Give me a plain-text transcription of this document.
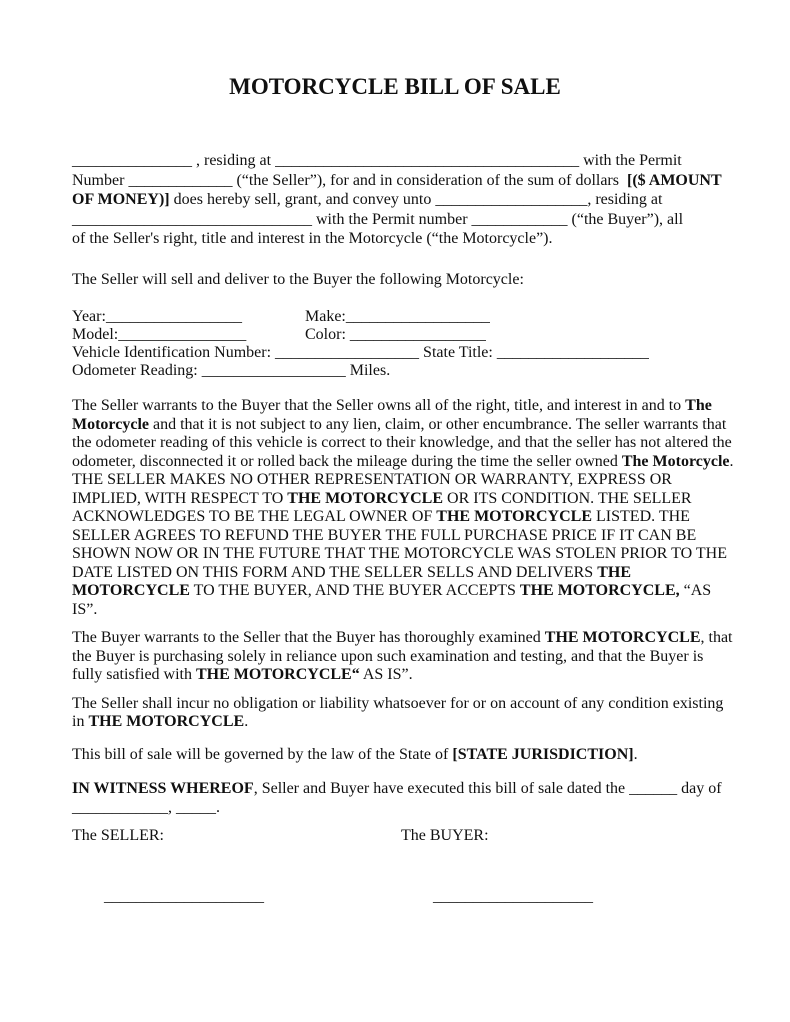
MOTORCYCLE BILL OF SALE
_______________ , residing at ______________________________________ with the Permit
Number _____________ (“the Seller”), for and in consideration of the sum of dollars  [($ AMOUNT
OF MONEY)] does hereby sell, grant, and convey unto ___________________, residing at
______________________________ with the Permit number ____________ (“the Buyer”), all
of the Seller's right, title and interest in the Motorcycle (“the Motorcycle”).
The Seller will sell and deliver to the Buyer the following Motorcycle:
Year:_________________	Make:__________________
Model:________________	Color: _________________
Vehicle Identification Number: __________________ State Title: ___________________
Odometer Reading: __________________ Miles.
The Seller warrants to the Buyer that the Seller owns all of the right, title, and interest in and to The
Motorcycle and that it is not subject to any lien, claim, or other encumbrance. The seller warrants that
the odometer reading of this vehicle is correct to their knowledge, and that the seller has not altered the
odometer, disconnected it or rolled back the mileage during the time the seller owned The Motorcycle.
THE SELLER MAKES NO OTHER REPRESENTATION OR WARRANTY, EXPRESS OR
IMPLIED, WITH RESPECT TO THE MOTORCYCLE OR ITS CONDITION. THE SELLER
ACKNOWLEDGES TO BE THE LEGAL OWNER OF THE MOTORCYCLE LISTED. THE
SELLER AGREES TO REFUND THE BUYER THE FULL PURCHASE PRICE IF IT CAN BE
SHOWN NOW OR IN THE FUTURE THAT THE MOTORCYCLE WAS STOLEN PRIOR TO THE
DATE LISTED ON THIS FORM AND THE SELLER SELLS AND DELIVERS THE
MOTORCYCLE TO THE BUYER, AND THE BUYER ACCEPTS THE MOTORCYCLE, “AS
IS”.
The Buyer warrants to the Seller that the Buyer has thoroughly examined THE MOTORCYCLE, that
the Buyer is purchasing solely in reliance upon such examination and testing, and that the Buyer is
fully satisfied with THE MOTORCYCLE“ AS IS”.
The Seller shall incur no obligation or liability whatsoever for or on account of any condition existing
in THE MOTORCYCLE.
This bill of sale will be governed by the law of the State of [STATE JURISDICTION].
IN WITNESS WHEREOF, Seller and Buyer have executed this bill of sale dated the ______ day of
____________, _____.
The SELLER:

____________________

The BUYER:

____________________
